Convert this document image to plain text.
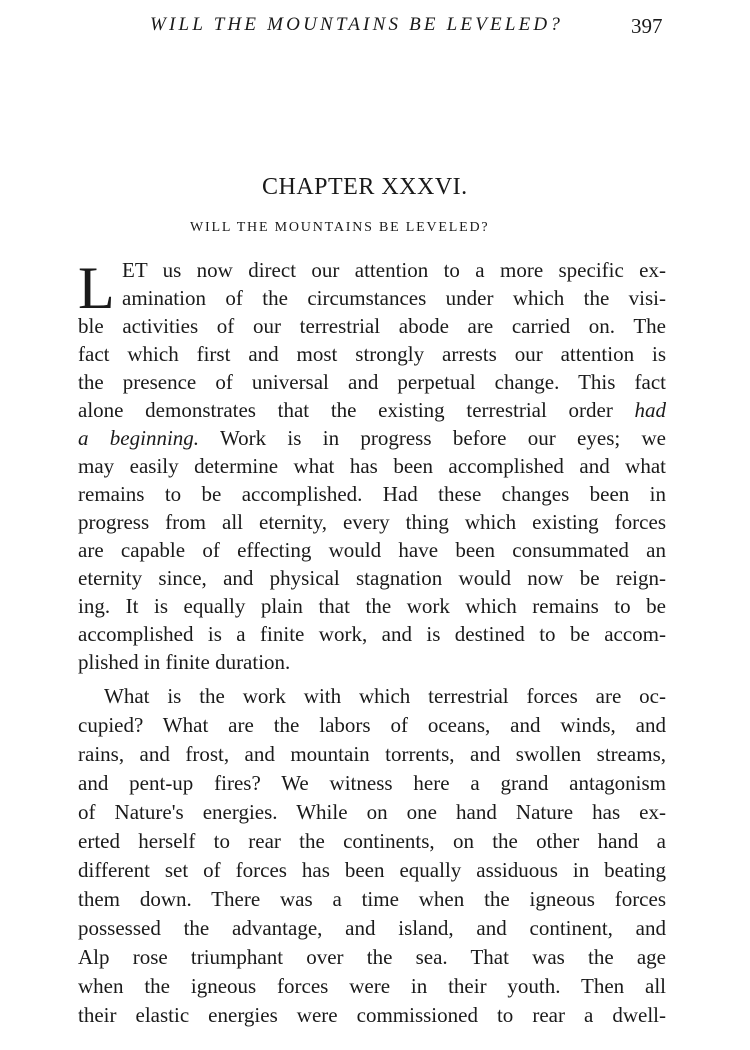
WILL THE MOUNTAINS BE LEVELED?	397
CHAPTER XXXVI.
WILL THE MOUNTAINS BE LEVELED?
L ET us now direct our attention to a more specific ex-
amination of the circumstances under which the visi-
ble activities of our terrestrial abode are carried on. The
fact which first and most strongly arrests our attention is
the presence of universal and perpetual change. This fact
alone demonstrates that the existing terrestrial order had
a beginning. Work is in progress before our eyes; we
may easily determine what has been accomplished and what
remains to be accomplished. Had these changes been in
progress from all eternity, every thing which existing forces
are capable of effecting would have been consummated an
eternity since, and physical stagnation would now be reign-
ing. It is equally plain that the work which remains to be
accomplished is a finite work, and is destined to be accom-
plished in finite duration.
What is the work with which terrestrial forces are oc-
cupied? What are the labors of oceans, and winds, and
rains, and frost, and mountain torrents, and swollen streams,
and pent-up fires? We witness here a grand antagonism
of Nature's energies. While on one hand Nature has ex-
erted herself to rear the continents, on the other hand a
different set of forces has been equally assiduous in beating
them down. There was a time when the igneous forces
possessed the advantage, and island, and continent, and
Alp rose triumphant over the sea. That was the age
when the igneous forces were in their youth. Then all
their elastic energies were commissioned to rear a dwell-
